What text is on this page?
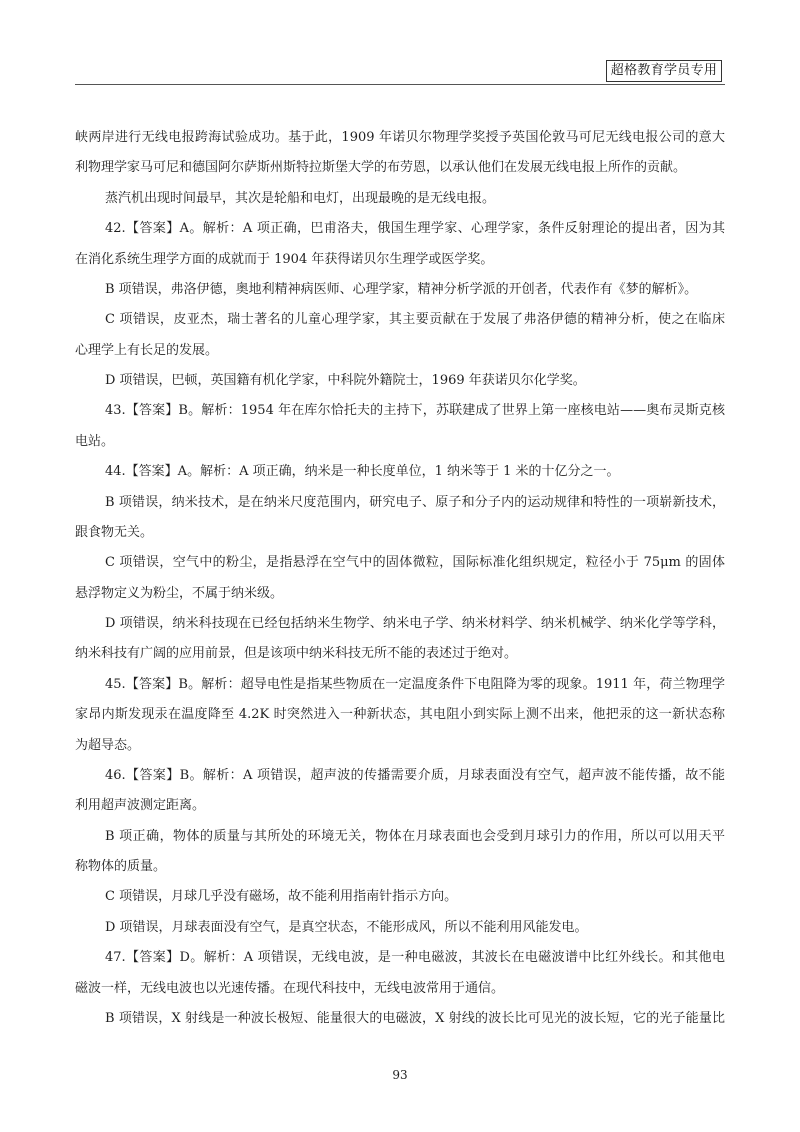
超格教育学员专用
峡两岸进行无线电报跨海试验成功。基于此，1909 年诺贝尔物理学奖授予英国伦敦马可尼无线电报公司的意大
利物理学家马可尼和德国阿尔萨斯州斯特拉斯堡大学的布劳恩，以承认他们在发展无线电报上所作的贡献。
蒸汽机出现时间最早，其次是轮船和电灯，出现最晚的是无线电报。
42.【答案】A。解析：A 项正确，巴甫洛夫，俄国生理学家、心理学家，条件反射理论的提出者，因为其
在消化系统生理学方面的成就而于 1904 年获得诺贝尔生理学或医学奖。
B 项错误，弗洛伊德，奥地利精神病医师、心理学家，精神分析学派的开创者，代表作有《梦的解析》。
C 项错误，皮亚杰，瑞士著名的儿童心理学家，其主要贡献在于发展了弗洛伊德的精神分析，使之在临床
心理学上有长足的发展。
D 项错误，巴顿，英国籍有机化学家，中科院外籍院士，1969 年获诺贝尔化学奖。
43.【答案】B。解析：1954 年在库尔恰托夫的主持下，苏联建成了世界上第一座核电站——奥布灵斯克核
电站。
44.【答案】A。解析：A 项正确，纳米是一种长度单位，1 纳米等于 1 米的十亿分之一。
B 项错误，纳米技术，是在纳米尺度范围内，研究电子、原子和分子内的运动规律和特性的一项崭新技术，
跟食物无关。
C 项错误，空气中的粉尘，是指悬浮在空气中的固体微粒，国际标准化组织规定，粒径小于 75μm 的固体
悬浮物定义为粉尘，不属于纳米级。
D 项错误，纳米科技现在已经包括纳米生物学、纳米电子学、纳米材料学、纳米机械学、纳米化学等学科，
纳米科技有广阔的应用前景，但是该项中纳米科技无所不能的表述过于绝对。
45.【答案】B。解析：超导电性是指某些物质在一定温度条件下电阻降为零的现象。1911 年，荷兰物理学
家昂内斯发现汞在温度降至 4.2K 时突然进入一种新状态，其电阻小到实际上测不出来，他把汞的这一新状态称
为超导态。
46.【答案】B。解析：A 项错误，超声波的传播需要介质，月球表面没有空气，超声波不能传播，故不能
利用超声波测定距离。
B 项正确，物体的质量与其所处的环境无关，物体在月球表面也会受到月球引力的作用，所以可以用天平
称物体的质量。
C 项错误，月球几乎没有磁场，故不能利用指南针指示方向。
D 项错误，月球表面没有空气，是真空状态，不能形成风，所以不能利用风能发电。
47.【答案】D。解析：A 项错误，无线电波，是一种电磁波，其波长在电磁波谱中比红外线长。和其他电
磁波一样，无线电波也以光速传播。在现代科技中，无线电波常用于通信。
B 项错误，X 射线是一种波长极短、能量很大的电磁波，X 射线的波长比可见光的波长短，它的光子能量比
93
